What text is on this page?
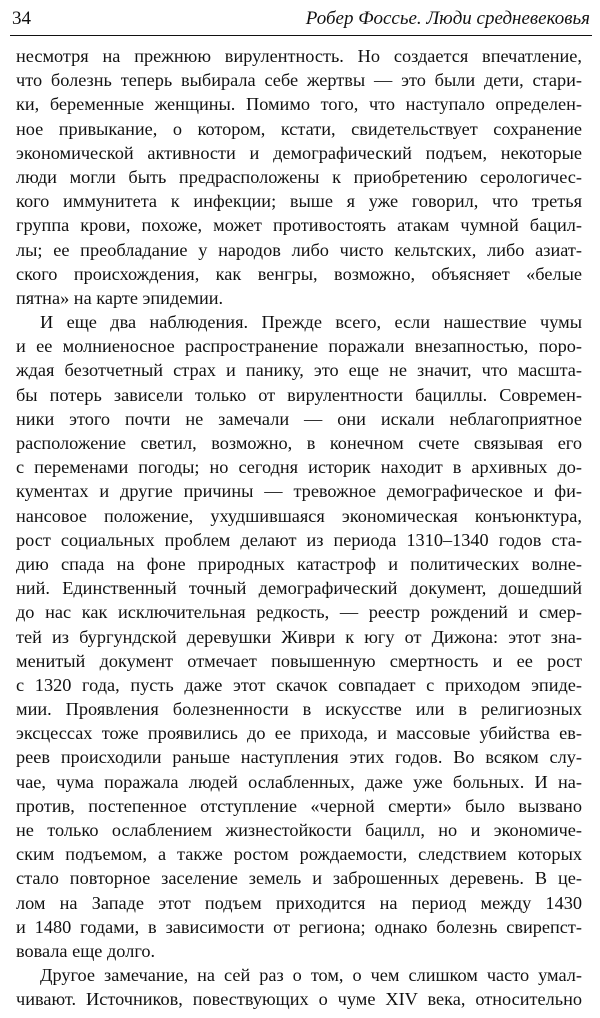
34	Робер Фоссье. Люди средневековья
несмотря на прежнюю вирулентность. Но создается впечатление,
что болезнь теперь выбирала себе жертвы — это были дети, стари-
ки, беременные женщины. Помимо того, что наступало определен-
ное привыкание, о котором, кстати, свидетельствует сохранение
экономической активности и демографический подъем, некоторые
люди могли быть предрасположены к приобретению серологичес-
кого иммунитета к инфекции; выше я уже говорил, что третья
группа крови, похоже, может противостоять атакам чумной бацил-
лы; ее преобладание у народов либо чисто кельтских, либо азиат-
ского происхождения, как венгры, возможно, объясняет «белые
пятна» на карте эпидемии.
И еще два наблюдения. Прежде всего, если нашествие чумы
и ее молниеносное распространение поражали внезапностью, порo-
ждая безотчетный страх и панику, это еще не значит, что масшта-
бы потерь зависели только от вирулентности бациллы. Современ-
ники этого почти не замечали — они искали неблагоприятное
расположение светил, возможно, в конечном счете связывая его
с переменами погоды; но сегодня историк находит в архивных до-
кументах и другие причины — тревожное демографическое и фи-
нансовое положение, ухудшившаяся экономическая конъюнктура,
рост социальных проблем делают из периода 1310–1340 годов ста-
дию спада на фоне природных катастроф и политических волне-
ний. Единственный точный демографический документ, дошедший
до нас как исключительная редкость, — реестр рождений и смер-
тей из бургундской деревушки Живри к югу от Дижона: этот зна-
менитый документ отмечает повышенную смертность и ее рост
с 1320 года, пусть даже этот скачок совпадает с приходом эпиде-
мии. Проявления болезненности в искусстве или в религиозных
эксцессах тоже проявились до ее прихода, и массовые убийства ев-
реев происходили раньше наступления этих годов. Во всяком слу-
чае, чума поражала людей ослабленных, даже уже больных. И на-
против, постепенное отступление «черной смерти» было вызвано
не только ослаблением жизнестойкости бацилл, но и экономиче-
ским подъемом, а также ростом рождаемости, следствием которых
стало повторное заселение земель и заброшенных деревень. В це-
лом на Западе этот подъем приходится на период между 1430
и 1480 годами, в зависимости от региона; однако болезнь свирепст-
вовала еще долго.
Другое замечание, на сей раз о том, о чем слишком часто умал-
чивают. Источников, повествующих о чуме XIV века, относительно
